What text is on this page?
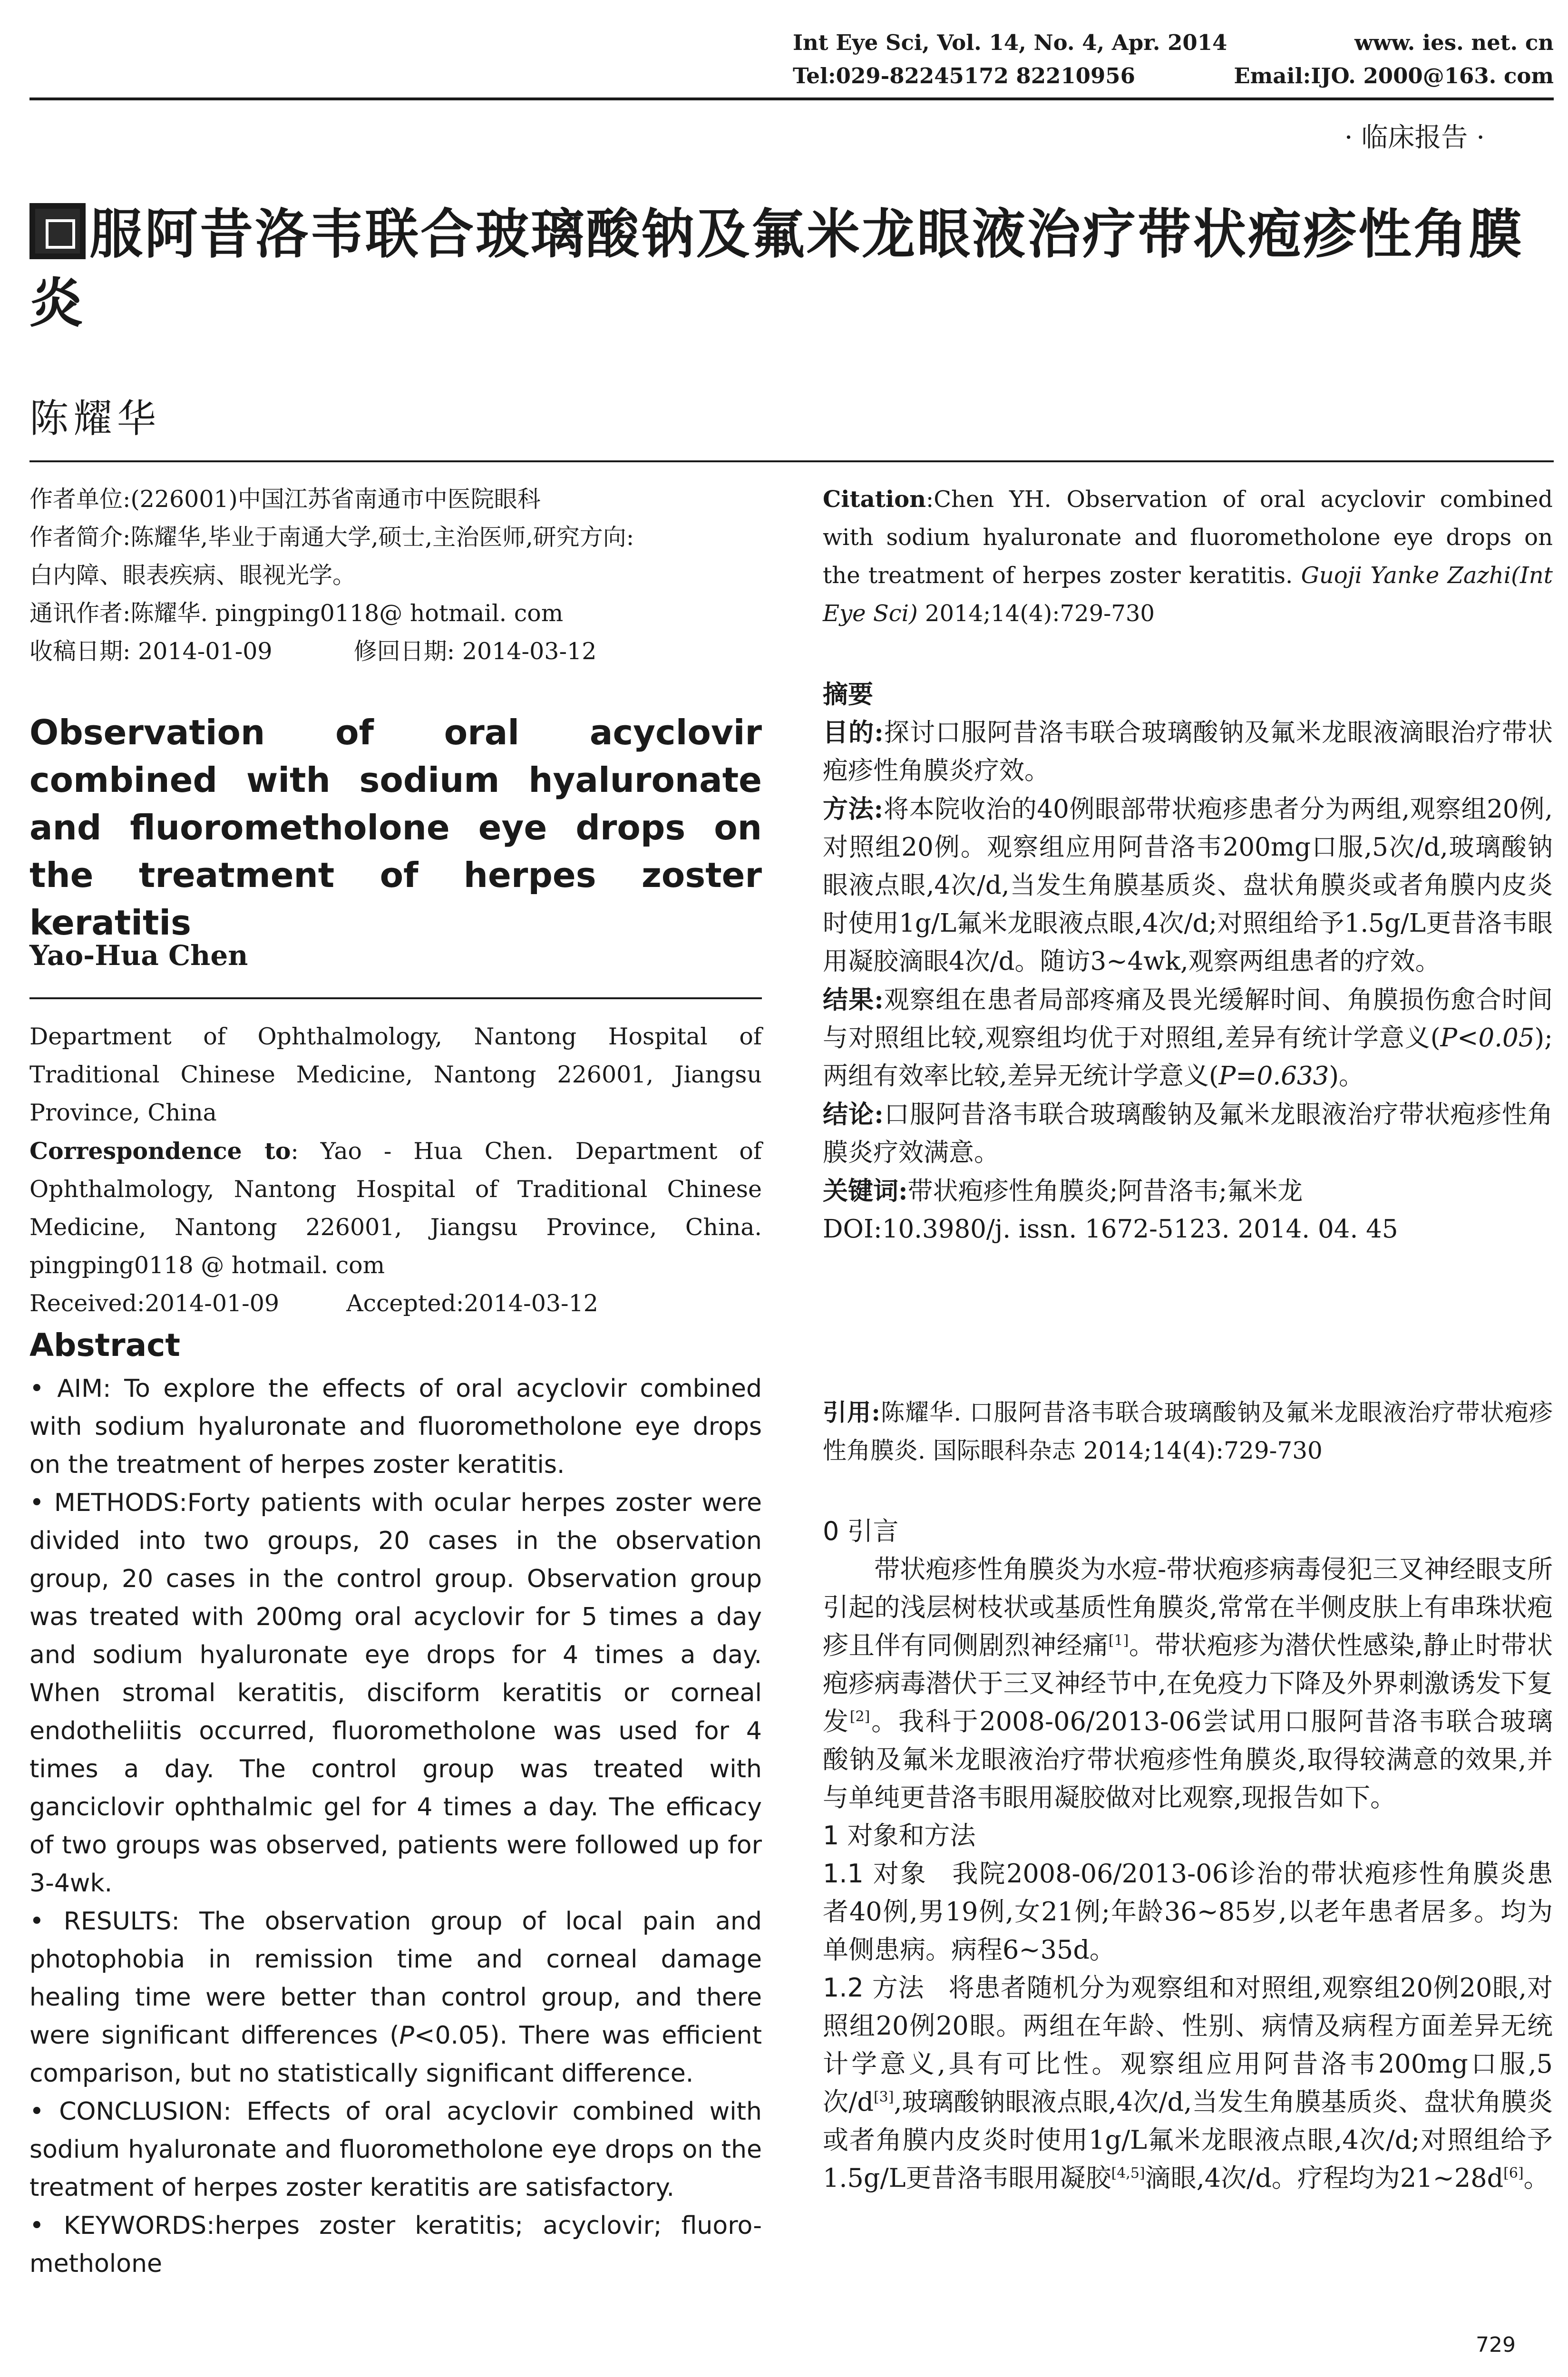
Int Eye Sci, Vol. 14, No. 4, Apr. 2014	www. ies. net. cn
Tel:029-82245172 82210956	Email:IJO. 2000@163. com
· 临床报告 ·
服阿昔洛韦联合玻璃酸钠及氟米龙眼液治疗带状疱疹性角膜炎
陈耀华
作者单位:(226001)中国江苏省南通市中医院眼科
作者简介:陈耀华,毕业于南通大学,硕士,主治医师,研究方向:
白内障、眼表疾病、眼视光学。
通讯作者:陈耀华. pingping0118@ hotmail. com
收稿日期: 2014-01-09	修回日期: 2014-03-12
Observation of oral acyclovir combined with sodium hyaluronate and fluorometholone eye drops on the treatment of herpes zoster keratitis
Yao-Hua Chen
Department of Ophthalmology, Nantong Hospital of Traditional Chinese Medicine, Nantong 226001, Jiangsu Province, China
Correspondence to: Yao - Hua Chen. Department of Ophthalmology, Nantong Hospital of Traditional Chinese Medicine, Nantong 226001, Jiangsu Province, China. pingping0118 @ hotmail. com
Received:2014-01-09	Accepted:2014-03-12
Abstract

• AIM: To explore the effects of oral acyclovir combined with sodium hyaluronate and fluorometholone eye drops on the treatment of herpes zoster keratitis.

• METHODS:Forty patients with ocular herpes zoster were divided into two groups, 20 cases in the observation group, 20 cases in the control group. Observation group was treated with 200mg oral acyclovir for 5 times a day and sodium hyaluronate eye drops for 4 times a day. When stromal keratitis, disciform keratitis or corneal endotheliitis occurred, fluorometholone was used for 4 times a day. The control group was treated with ganciclovir ophthalmic gel for 4 times a day. The efficacy of two groups was observed, patients were followed up for 3-4wk.

• RESULTS: The observation group of local pain and photophobia in remission time and corneal damage healing time were better than control group, and there were significant differences (P<0.05). There was efficient comparison, but no statistically significant difference.

• CONCLUSION: Effects of oral acyclovir combined with sodium hyaluronate and fluorometholone eye drops on the treatment of herpes zoster keratitis are satisfactory.

• KEYWORDS:herpes zoster keratitis; acyclovir; fluoro-metholone

Citation:Chen YH. Observation of oral acyclovir combined with sodium hyaluronate and fluorometholone eye drops on the treatment of herpes zoster keratitis. Guoji Yanke Zazhi(Int Eye Sci) 2014;14(4):729-730

摘要

目的:探讨口服阿昔洛韦联合玻璃酸钠及氟米龙眼液滴眼治疗带状疱疹性角膜炎疗效。

方法:将本院收治的40例眼部带状疱疹患者分为两组,观察组20例,对照组20例。观察组应用阿昔洛韦200mg口服,5次/d,玻璃酸钠眼液点眼,4次/d,当发生角膜基质炎、盘状角膜炎或者角膜内皮炎时使用1g/L氟米龙眼液点眼,4次/d;对照组给予1.5g/L更昔洛韦眼用凝胶滴眼4次/d。随访3~4wk,观察两组患者的疗效。

结果:观察组在患者局部疼痛及畏光缓解时间、角膜损伤愈合时间与对照组比较,观察组均优于对照组,差异有统计学意义(P<0.05);两组有效率比较,差异无统计学意义(P=0.633)。

结论:口服阿昔洛韦联合玻璃酸钠及氟米龙眼液治疗带状疱疹性角膜炎疗效满意。

关键词:带状疱疹性角膜炎;阿昔洛韦;氟米龙

DOI:10.3980/j. issn. 1672-5123. 2014. 04. 45

引用:陈耀华. 口服阿昔洛韦联合玻璃酸钠及氟米龙眼液治疗带状疱疹性角膜炎. 国际眼科杂志 2014;14(4):729-730

0 引言

带状疱疹性角膜炎为水痘-带状疱疹病毒侵犯三叉神经眼支所引起的浅层树枝状或基质性角膜炎,常常在半侧皮肤上有串珠状疱疹且伴有同侧剧烈神经痛[1]。带状疱疹为潜伏性感染,静止时带状疱疹病毒潜伏于三叉神经节中,在免疫力下降及外界刺激诱发下复发[2]。我科于2008-06/2013-06尝试用口服阿昔洛韦联合玻璃酸钠及氟米龙眼液治疗带状疱疹性角膜炎,取得较满意的效果,并与单纯更昔洛韦眼用凝胶做对比观察,现报告如下。

1 对象和方法

1.1 对象 我院2008-06/2013-06诊治的带状疱疹性角膜炎患者40例,男19例,女21例;年龄36~85岁,以老年患者居多。均为单侧患病。病程6~35d。

1.2 方法 将患者随机分为观察组和对照组,观察组20例20眼,对照组20例20眼。两组在年龄、性别、病情及病程方面差异无统计学意义,具有可比性。观察组应用阿昔洛韦200mg口服,5次/d[3],玻璃酸钠眼液点眼,4次/d,当发生角膜基质炎、盘状角膜炎或者角膜内皮炎时使用1g/L氟米龙眼液点眼,4次/d;对照组给予1.5g/L更昔洛韦眼用凝胶[4,5]滴眼,4次/d。疗程均为21~28d[6]。

729
